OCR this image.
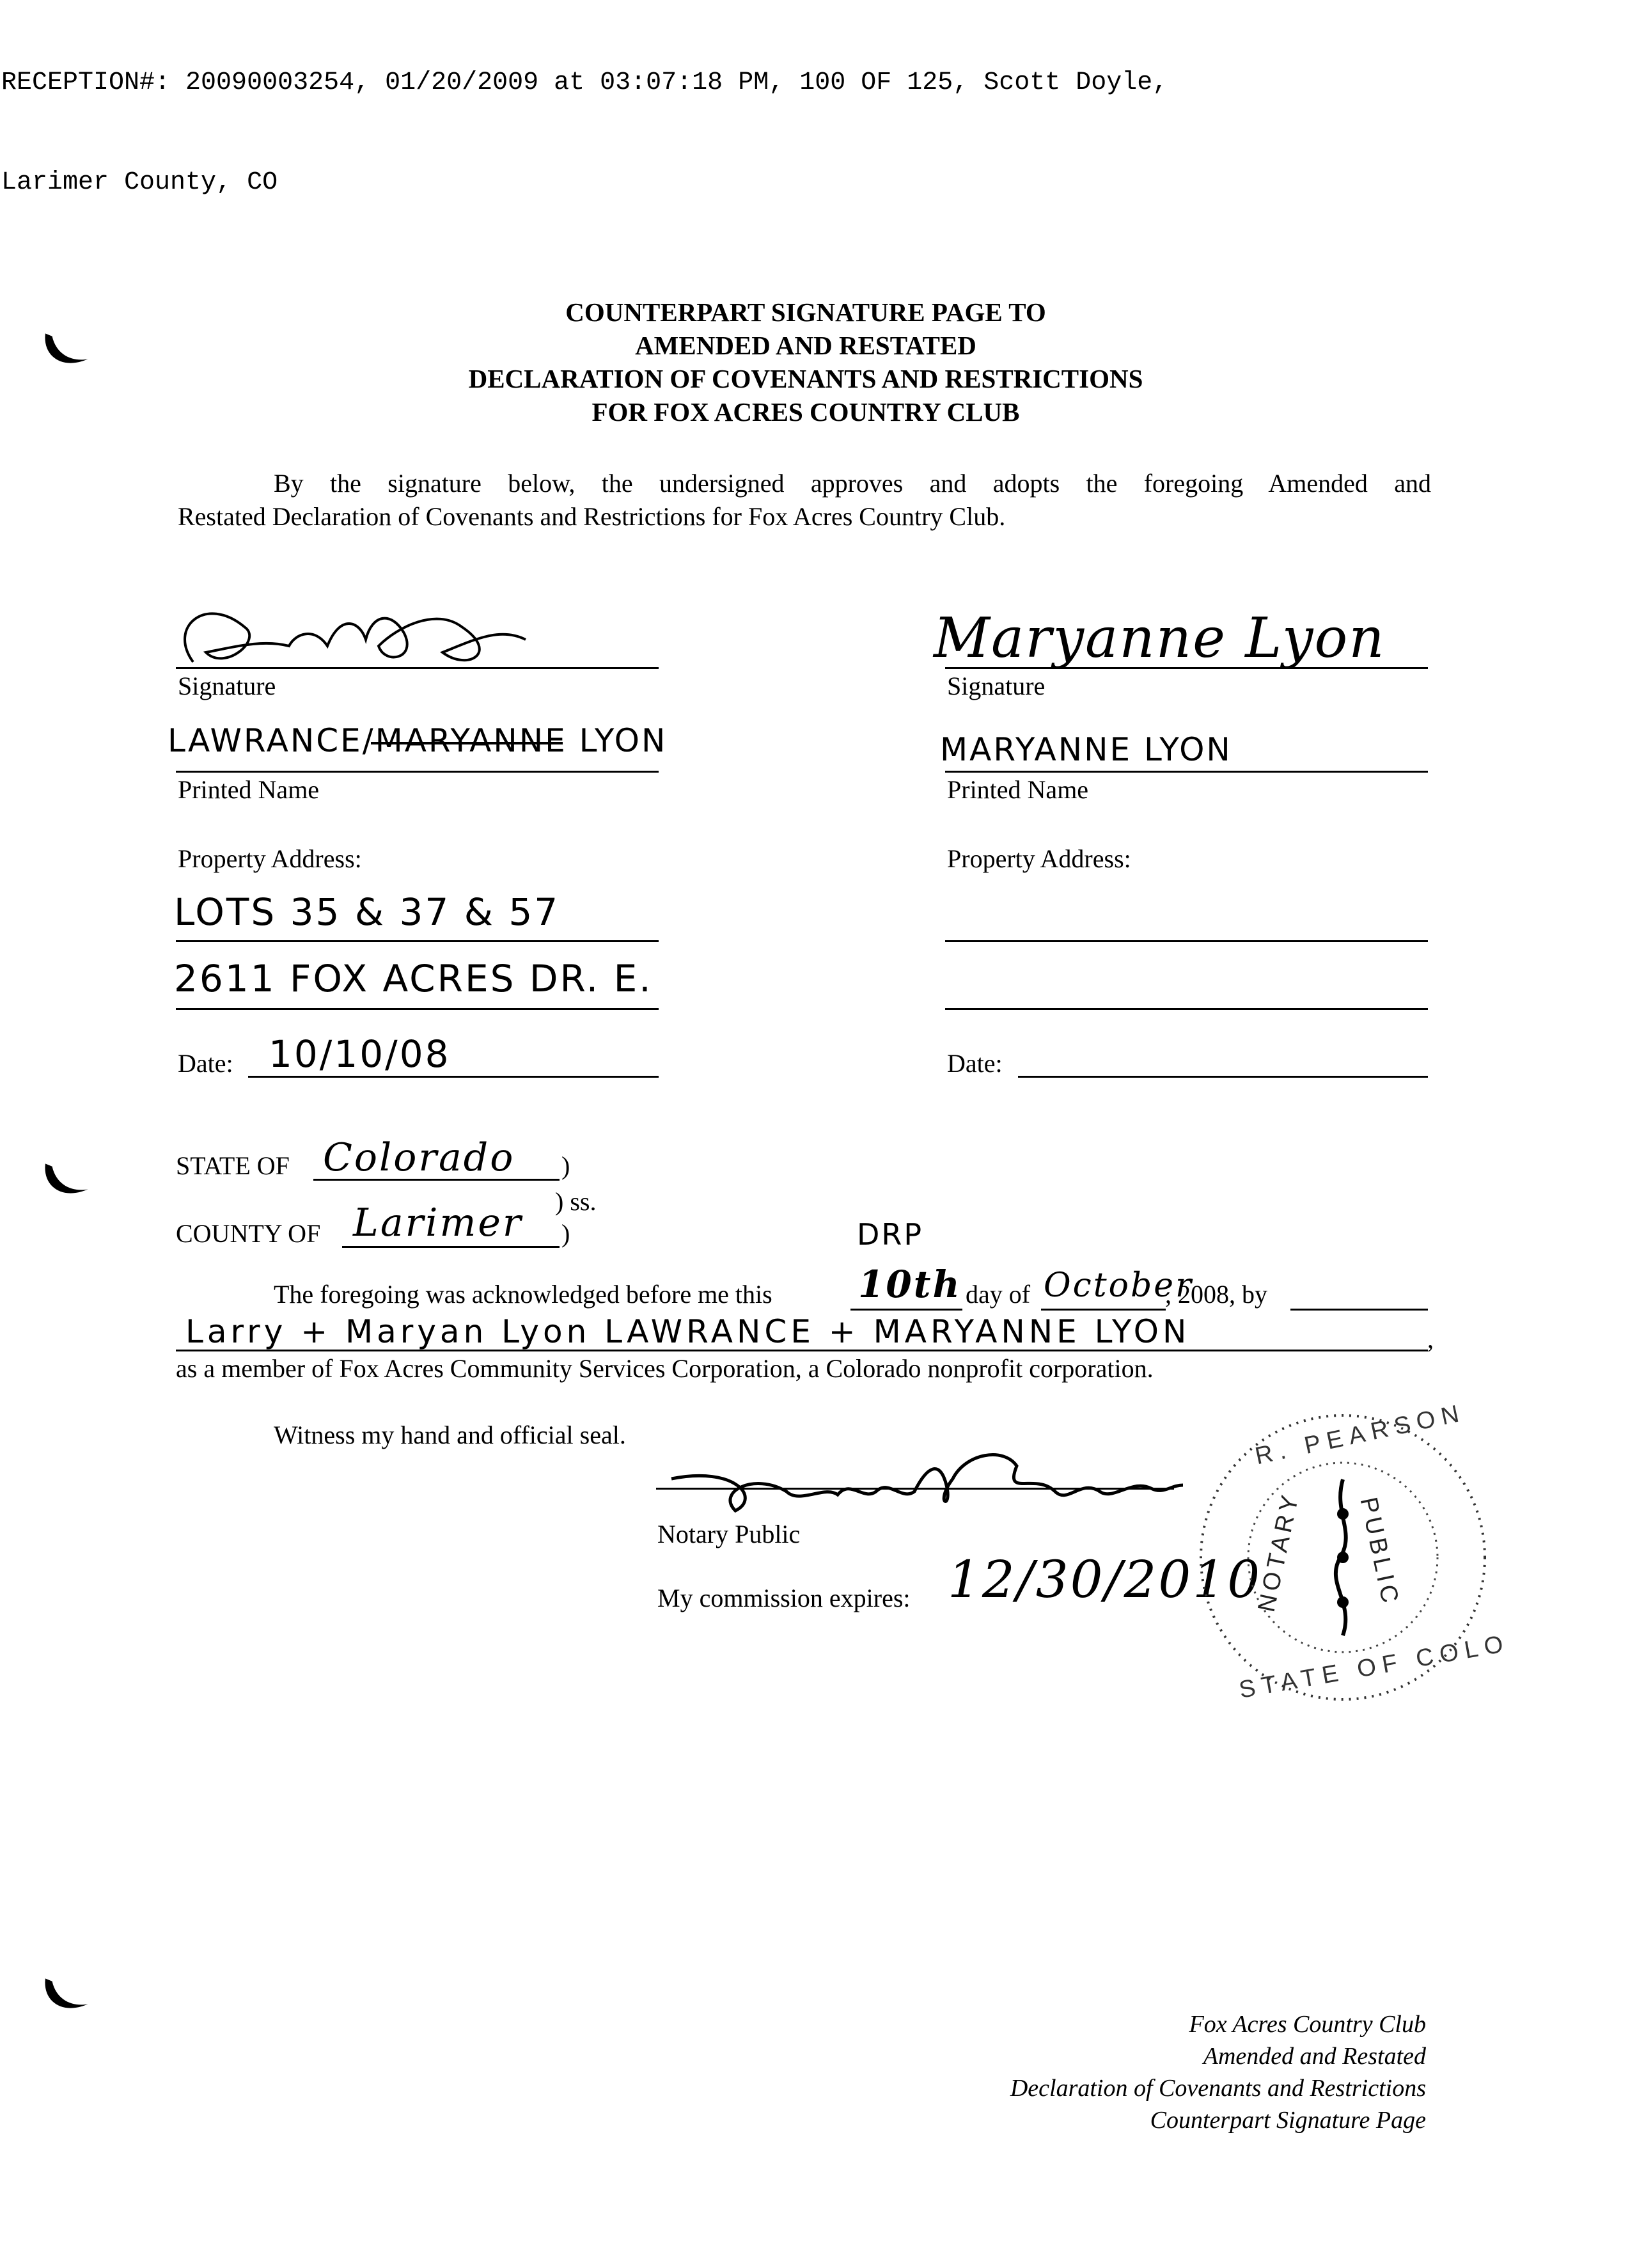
RECEPTION#: 20090003254, 01/20/2009 at 03:07:18 PM, 100 OF 125, Scott Doyle,

Larimer County, CO

COUNTERPART SIGNATURE PAGE TO
AMENDED AND RESTATED
DECLARATION OF COVENANTS AND RESTRICTIONS
FOR FOX ACRES COUNTRY CLUB
By the signature below, the undersigned approves and adopts the foregoing Amended and
Restated Declaration of Covenants and Restrictions for Fox Acres Country Club.
Signature
LAWRANCE/MARYANNE LYON
Printed Name
Property Address:
LOTS 35 & 37 & 57
2611 FOX ACRES DR. E.
Date: 10/10/08
Maryanne Lyon
Signature
MARYANNE LYON
Printed Name
Property Address:
Date:
STATE OF Colorado )
) ss.
COUNTY OF Larimer )	DRP
The foregoing was acknowledged before me this 10th day of October
, 2008, by
Larry + Maryan Lyon LAWRANCE + MARYANNE LYON	,
as a member of Fox Acres Community Services Corporation, a Colorado nonprofit corporation.
Witness my hand and official seal.
Notary Public
My commission expires: 12/30/2010
R. PEARSON
NOTARY PUBLIC
STATE OF COLO
Fox Acres Country Club
Amended and Restated
Declaration of Covenants and Restrictions
Counterpart Signature Page
